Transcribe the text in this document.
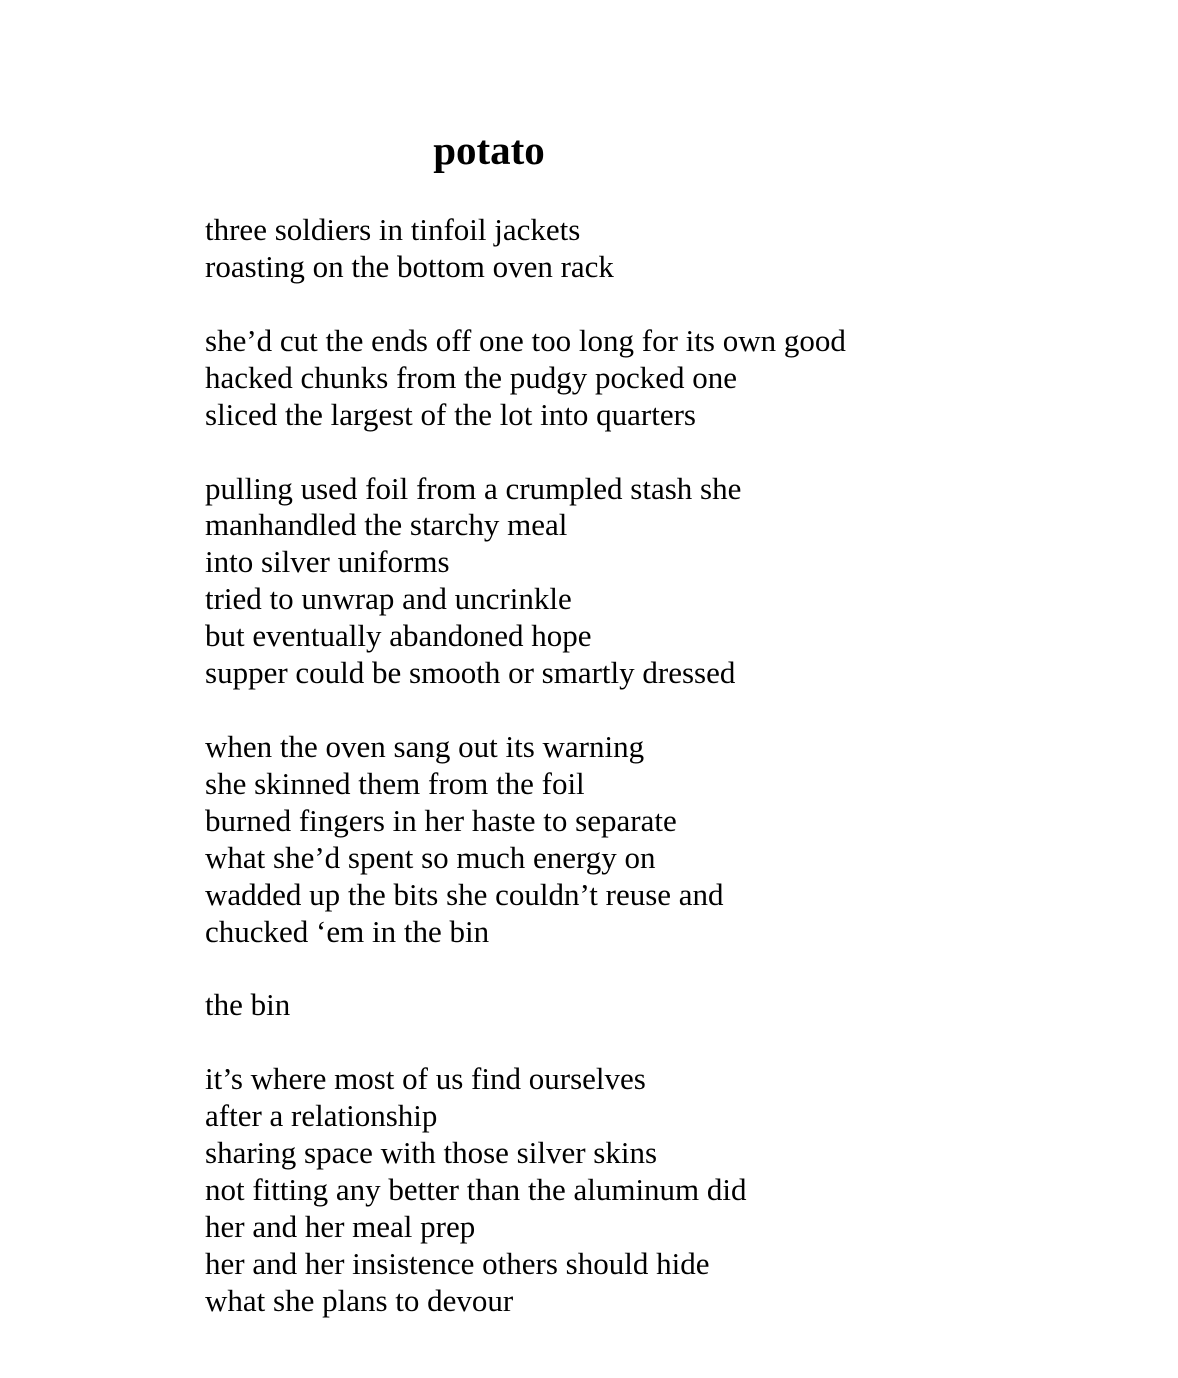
potato
three soldiers in tinfoil jackets
roasting on the bottom oven rack
she’d cut the ends off one too long for its own good
hacked chunks from the pudgy pocked one
sliced the largest of the lot into quarters
pulling used foil from a crumpled stash she
manhandled the starchy meal
into silver uniforms
tried to unwrap and uncrinkle
but eventually abandoned hope
supper could be smooth or smartly dressed
when the oven sang out its warning
she skinned them from the foil
burned fingers in her haste to separate
what she’d spent so much energy on
wadded up the bits she couldn’t reuse and
chucked ‘em in the bin
the bin
it’s where most of us find ourselves
after a relationship
sharing space with those silver skins
not fitting any better than the aluminum did
her and her meal prep
her and her insistence others should hide
what she plans to devour
